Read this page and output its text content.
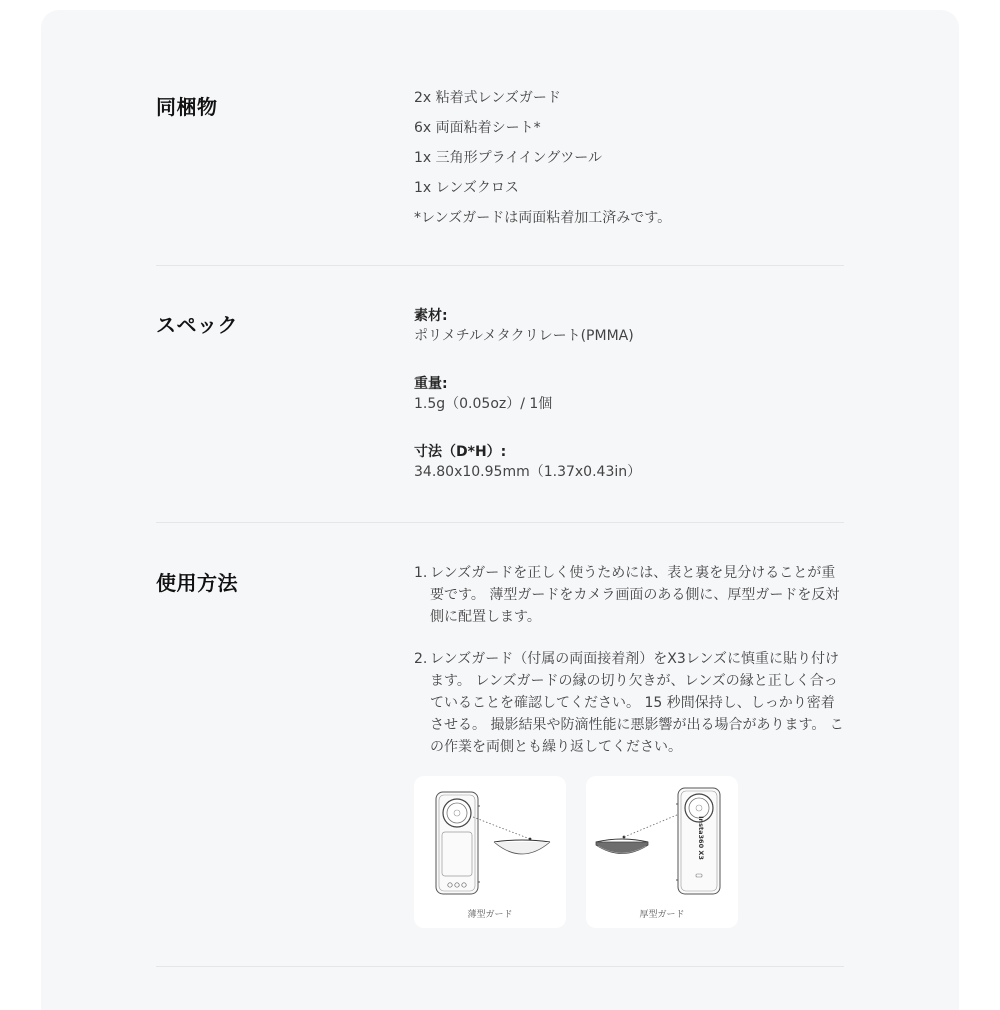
同梱物	2x 粘着式レンズガード
6x 両面粘着シート*
1x 三角形プライイングツール
1x レンズクロス
*レンズガードは両面粘着加工済みです。
スペック	素材:
ポリメチルメタクリレート(PMMA)
重量:
1.5g（0.05oz）/ 1個
寸法（D*H）:
34.80x10.95mm（1.37x0.43in）
使用方法	1. レンズガードを正しく使うためには、表と裏を見分けることが重要です。 薄型ガードをカメラ画面のある側に、厚型ガードを反対側に配置します。
2. レンズガード（付属の両面接着剤）をX3レンズに慎重に貼り付けます。 レンズガードの縁の切り欠きが、レンズの縁と正しく合っていることを確認してください。 15 秒間保持し、しっかり密着させる。 撮影結果や防滴性能に悪影響が出る場合があります。 この作業を両側とも繰り返してください。
薄型ガード
Insta360 X3
厚型ガード
